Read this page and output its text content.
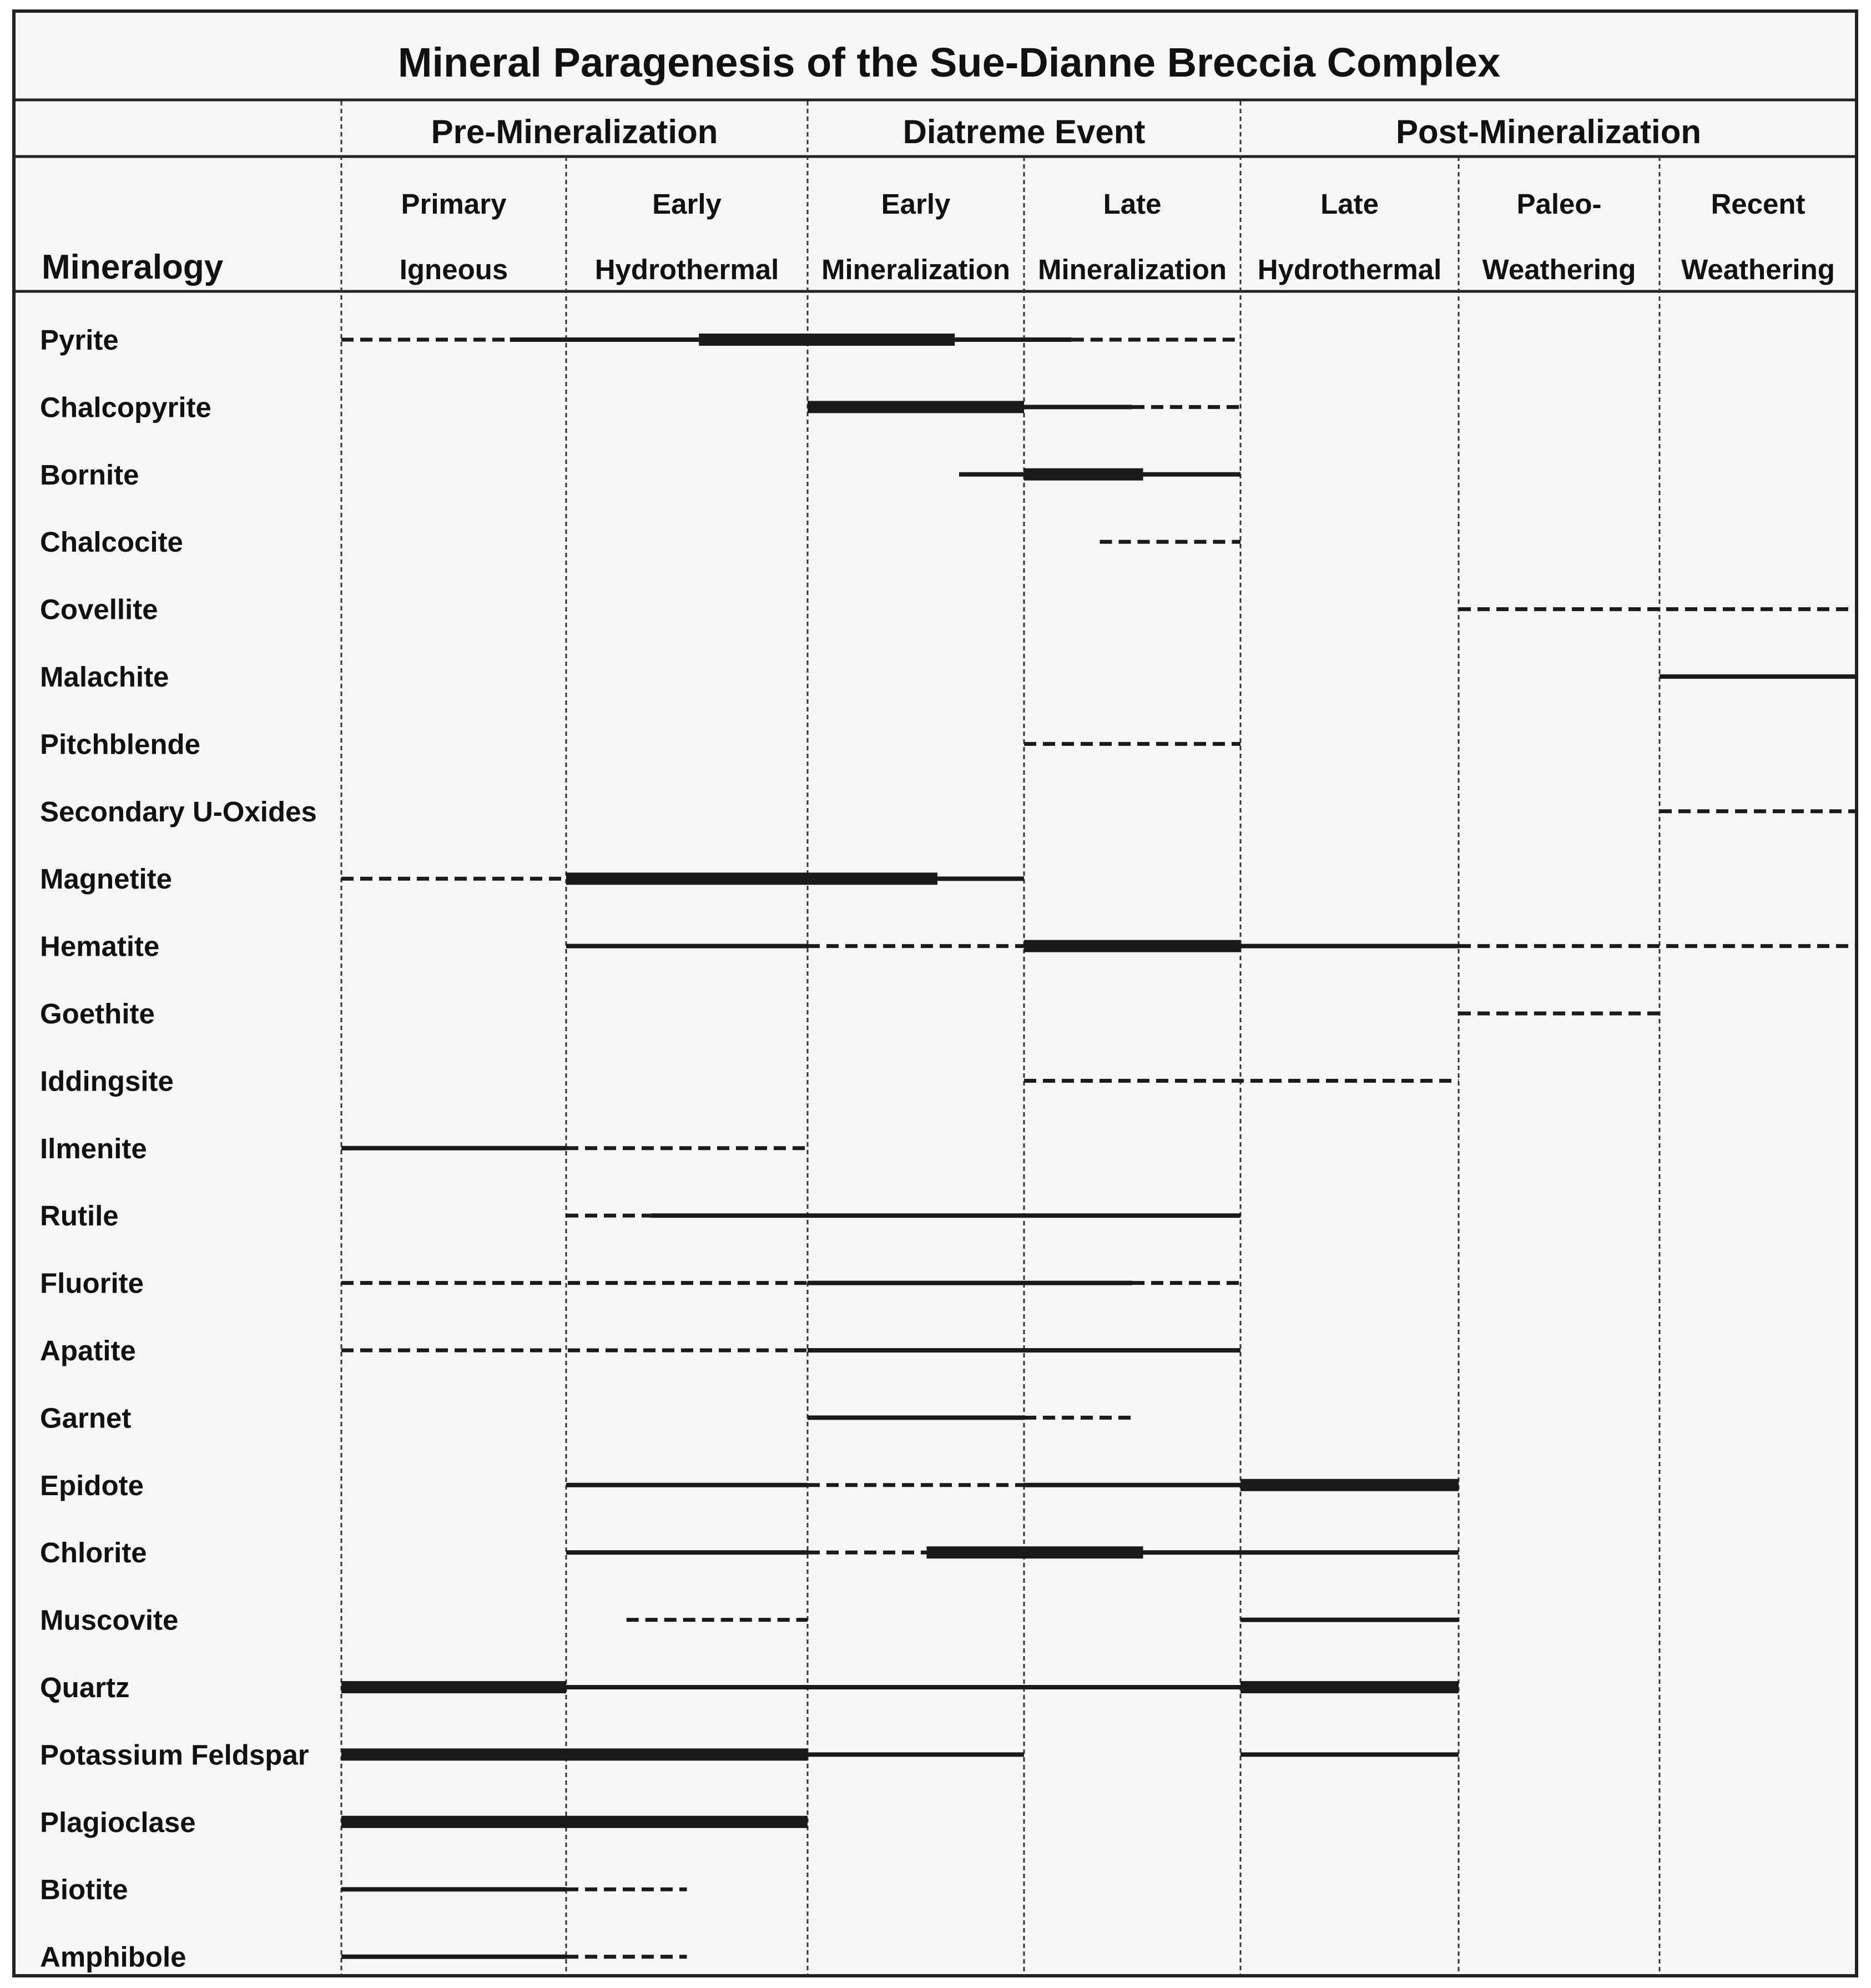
Mineral Paragenesis of the Sue-Dianne Breccia Complex
Mineralogy
Pre-Mineralization	Diatreme Event	Post-Mineralization
Primary
Igneous
Early
Hydrothermal
Early
Mineralization
Late
Mineralization
Late
Hydrothermal
Paleo-
Weathering
Recent
Weathering
Pyrite
Chalcopyrite
Bornite
Chalcocite
Covellite
Malachite
Pitchblende
Secondary U-Oxides
Magnetite
Hematite
Goethite
Iddingsite
Ilmenite
Rutile
Fluorite
Apatite
Garnet
Epidote
Chlorite
Muscovite
Quartz
Potassium Feldspar
Plagioclase
Biotite
Amphibole
